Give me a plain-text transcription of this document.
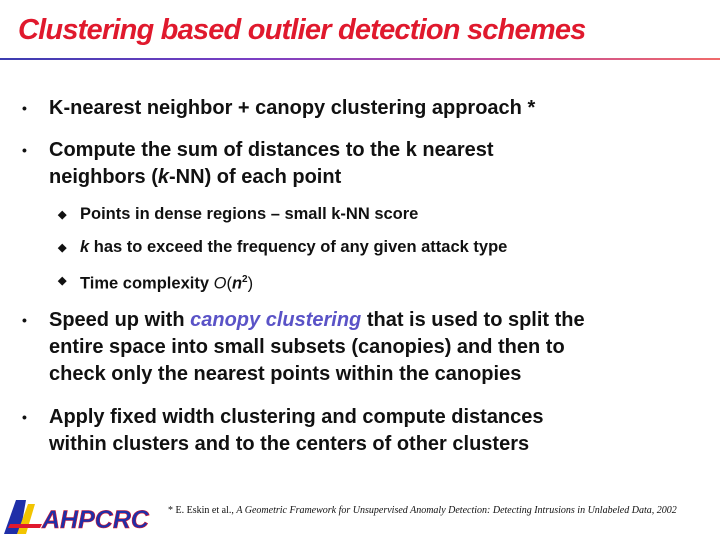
Clustering based outlier detection schemes
• K-nearest neighbor + canopy clustering approach *
• Compute the sum of distances to the k nearest
neighbors (k-NN) of each point
◆ Points in dense regions – small k-NN score
◆ k has to exceed the frequency of any given attack type
◆ Time complexity $O(n^2)$
• Speed up with canopy clustering that is used to split the
entire space into small subsets (canopies) and then to
check only the nearest points within the canopies
• Apply fixed width clustering and compute distances
within clusters and to the centers of other clusters
AHPCRC * E. Eskin et al., A Geometric Framework for Unsupervised Anomaly Detection: Detecting Intrusions in Unlabeled Data, 2002
